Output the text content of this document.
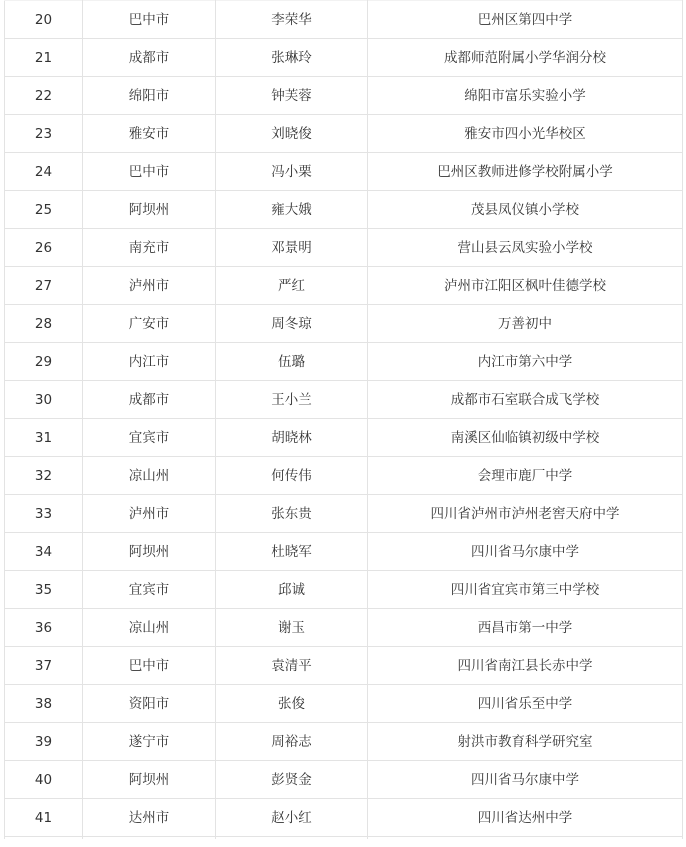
20	巴中市	李荣华	巴州区第四中学
21	成都市	张琳玲	成都师范附属小学华润分校
22	绵阳市	钟芙蓉	绵阳市富乐实验小学
23	雅安市	刘晓俊	雅安市四小光华校区
24	巴中市	冯小栗	巴州区教师进修学校附属小学
25	阿坝州	雍大娥	茂县凤仪镇小学校
26	南充市	邓景明	营山县云凤实验小学校
27	泸州市	严红	泸州市江阳区枫叶佳德学校
28	广安市	周冬琼	万善初中
29	内江市	伍璐	内江市第六中学
30	成都市	王小兰	成都市石室联合成飞学校
31	宜宾市	胡晓林	南溪区仙临镇初级中学校
32	凉山州	何传伟	会理市鹿厂中学
33	泸州市	张东贵	四川省泸州市泸州老窖天府中学
34	阿坝州	杜晓军	四川省马尔康中学
35	宜宾市	邱诚	四川省宜宾市第三中学校
36	凉山州	谢玉	西昌市第一中学
37	巴中市	袁清平	四川省南江县长赤中学
38	资阳市	张俊	四川省乐至中学
39	遂宁市	周裕志	射洪市教育科学研究室
40	阿坝州	彭贤金	四川省马尔康中学
41	达州市	赵小红	四川省达州中学
